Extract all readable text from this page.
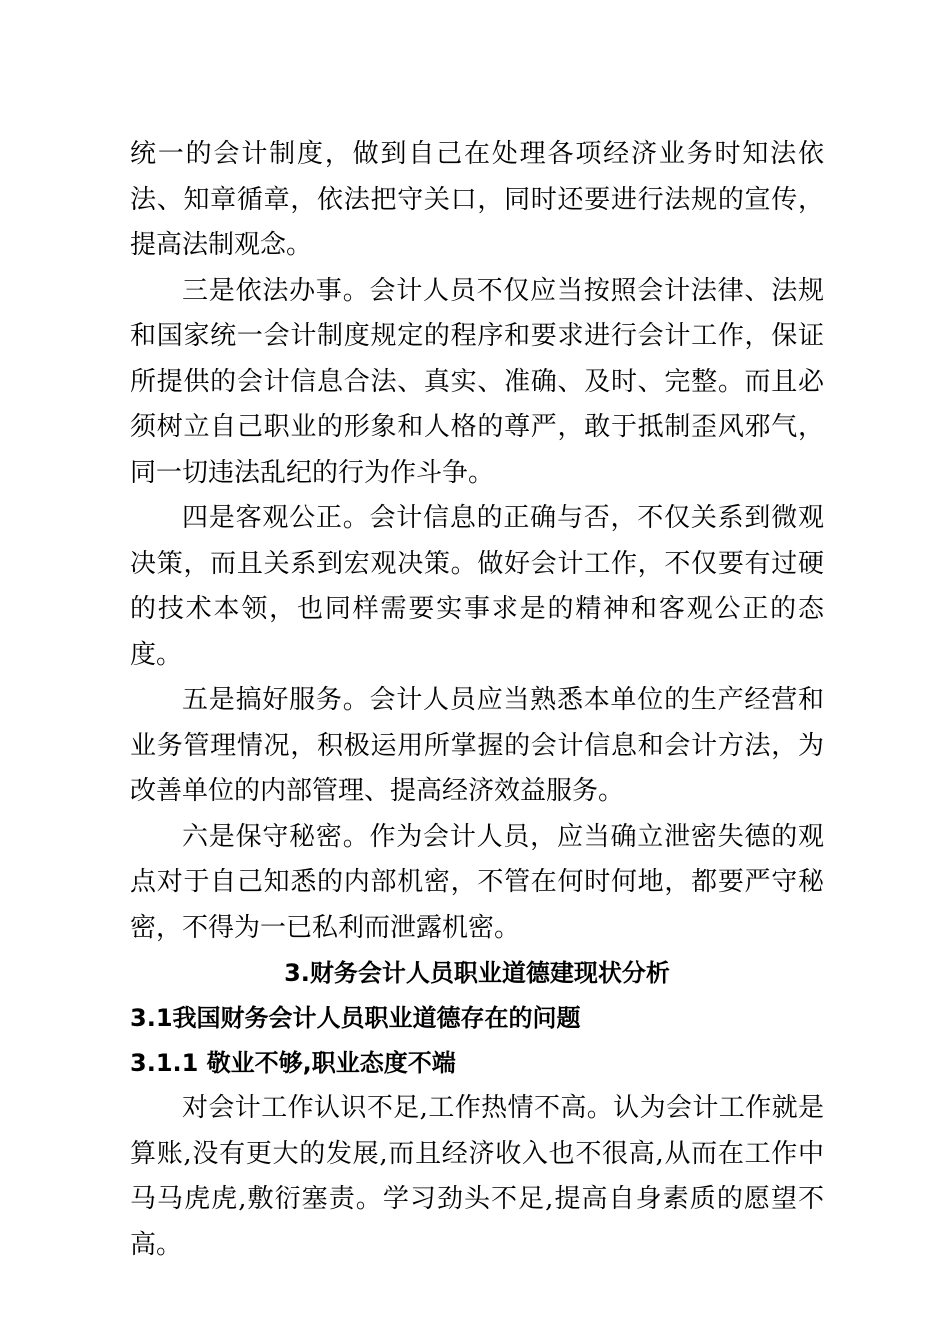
统一的会计制度，做到自己在处理各项经济业务时知法依法、知章循章，依法把守关口，同时还要进行法规的宣传，提高法制观念。

三是依法办事。会计人员不仅应当按照会计法律、法规和国家统一会计制度规定的程序和要求进行会计工作，保证所提供的会计信息合法、真实、准确、及时、完整。而且必须树立自己职业的形象和人格的尊严，敢于抵制歪风邪气，同一切违法乱纪的行为作斗争。

四是客观公正。会计信息的正确与否，不仅关系到微观决策，而且关系到宏观决策。做好会计工作，不仅要有过硬的技术本领，也同样需要实事求是的精神和客观公正的态度。

五是搞好服务。会计人员应当熟悉本单位的生产经营和业务管理情况，积极运用所掌握的会计信息和会计方法，为改善单位的内部管理、提高经济效益服务。

六是保守秘密。作为会计人员，应当确立泄密失德的观点对于自己知悉的内部机密，不管在何时何地，都要严守秘密，不得为一已私利而泄露机密。

3.财务会计人员职业道德建现状分析
3.1我国财务会计人员职业道德存在的问题
3.1.1 敬业不够,职业态度不端

对会计工作认识不足,工作热情不高。认为会计工作就是算账,没有更大的发展,而且经济收入也不很高,从而在工作中马马虎虎,敷衍塞责。学习劲头不足,提高自身素质的愿望不高。
